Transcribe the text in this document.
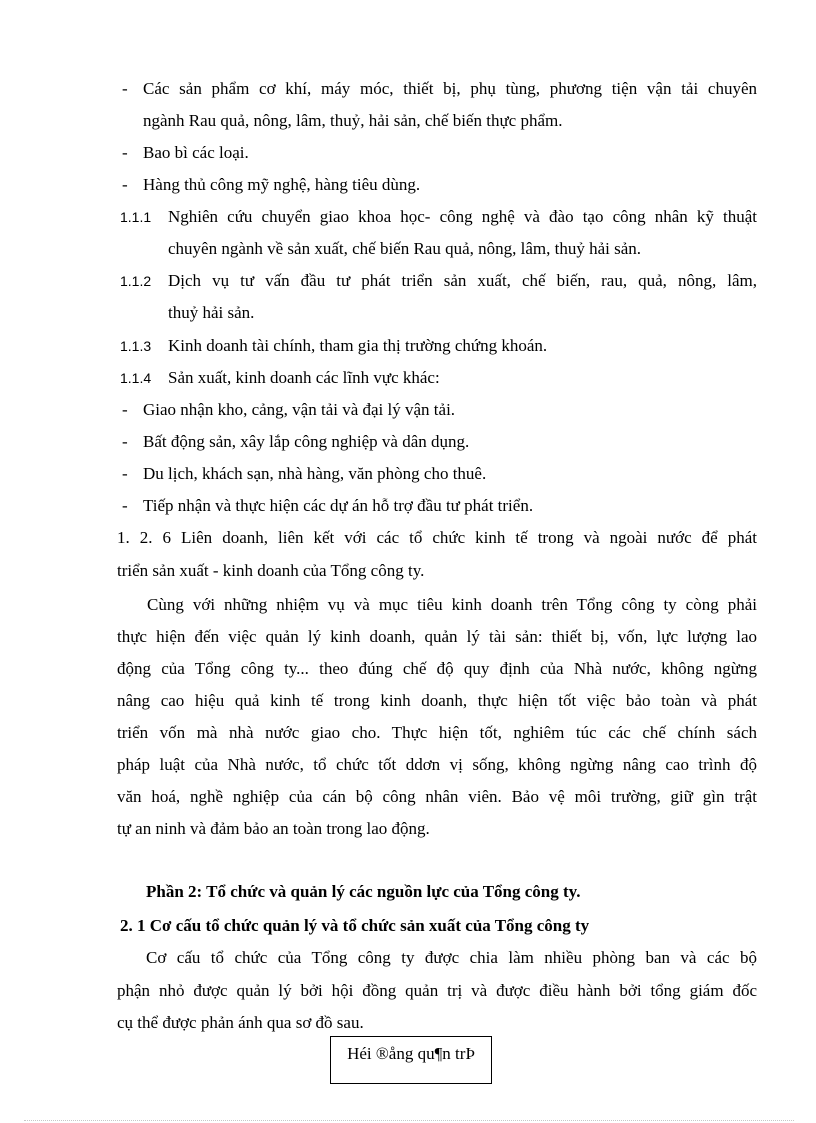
- Các sản phẩm cơ khí, máy móc, thiết bị, phụ tùng, phương tiện vận tải chuyên
ngành Rau quả, nông, lâm, thuỷ, hải sản, chế biến thực phẩm.
- Bao bì các loại.
- Hàng thủ công mỹ nghệ, hàng tiêu dùng.
1.1.1 Nghiên cứu chuyển giao khoa học- công nghệ và đào tạo công nhân kỹ thuật
chuyên ngành về sản xuất, chế biến Rau quả, nông, lâm, thuỷ hải sản.
1.1.2 Dịch vụ tư vấn đầu tư phát triển sản xuất, chế biến, rau, quả, nông, lâm,
thuỷ hải sản.
1.1.3 Kinh doanh tài chính, tham gia thị trường chứng khoán.
1.1.4 Sản xuất, kinh doanh các lĩnh vực khác:
- Giao nhận kho, cảng, vận tải và đại lý vận tải.
- Bất động sản, xây lắp công nghiệp và dân dụng.
- Du lịch, khách sạn, nhà hàng, văn phòng cho thuê.
- Tiếp nhận và thực hiện các dự án hỗ trợ đầu tư phát triển.
1. 2. 6 Liên doanh, liên kết với các tổ chức kinh tế trong và ngoài nước để phát
triển sản xuất - kinh doanh của Tổng công ty.
Cùng với những nhiệm vụ và mục tiêu kinh doanh trên Tổng công ty còng phải
thực hiện đến việc quản lý kinh doanh, quản lý tài sản: thiết bị, vốn, lực lượng lao
động của Tổng công ty... theo đúng chế độ quy định của Nhà nước, không ngừng
nâng cao hiệu quả kinh tế trong kinh doanh, thực hiện tốt việc bảo toàn và phát
triển vốn mà nhà nước giao cho. Thực hiện tốt, nghiêm túc các chế chính sách
pháp luật của Nhà nước, tổ chức tốt ddơn vị sống, không ngừng nâng cao trình độ
văn hoá, nghề nghiệp của cán bộ công nhân viên. Bảo vệ môi trường, giữ gìn trật
tự an ninh và đảm bảo an toàn trong lao động.
Phần 2: Tổ chức và quản lý các nguồn lực của Tổng công ty.
2. 1 Cơ cấu tổ chức quản lý và tổ chức sản xuất của Tổng công ty
Cơ cấu tổ chức của Tổng công ty được chia làm nhiều phòng ban và các bộ
phận nhỏ được quản lý bởi hội đồng quản trị và được điều hành bởi tổng giám đốc
cụ thể được phản ánh qua sơ đồ sau.
Héi ®ång qu¶n trÞ
